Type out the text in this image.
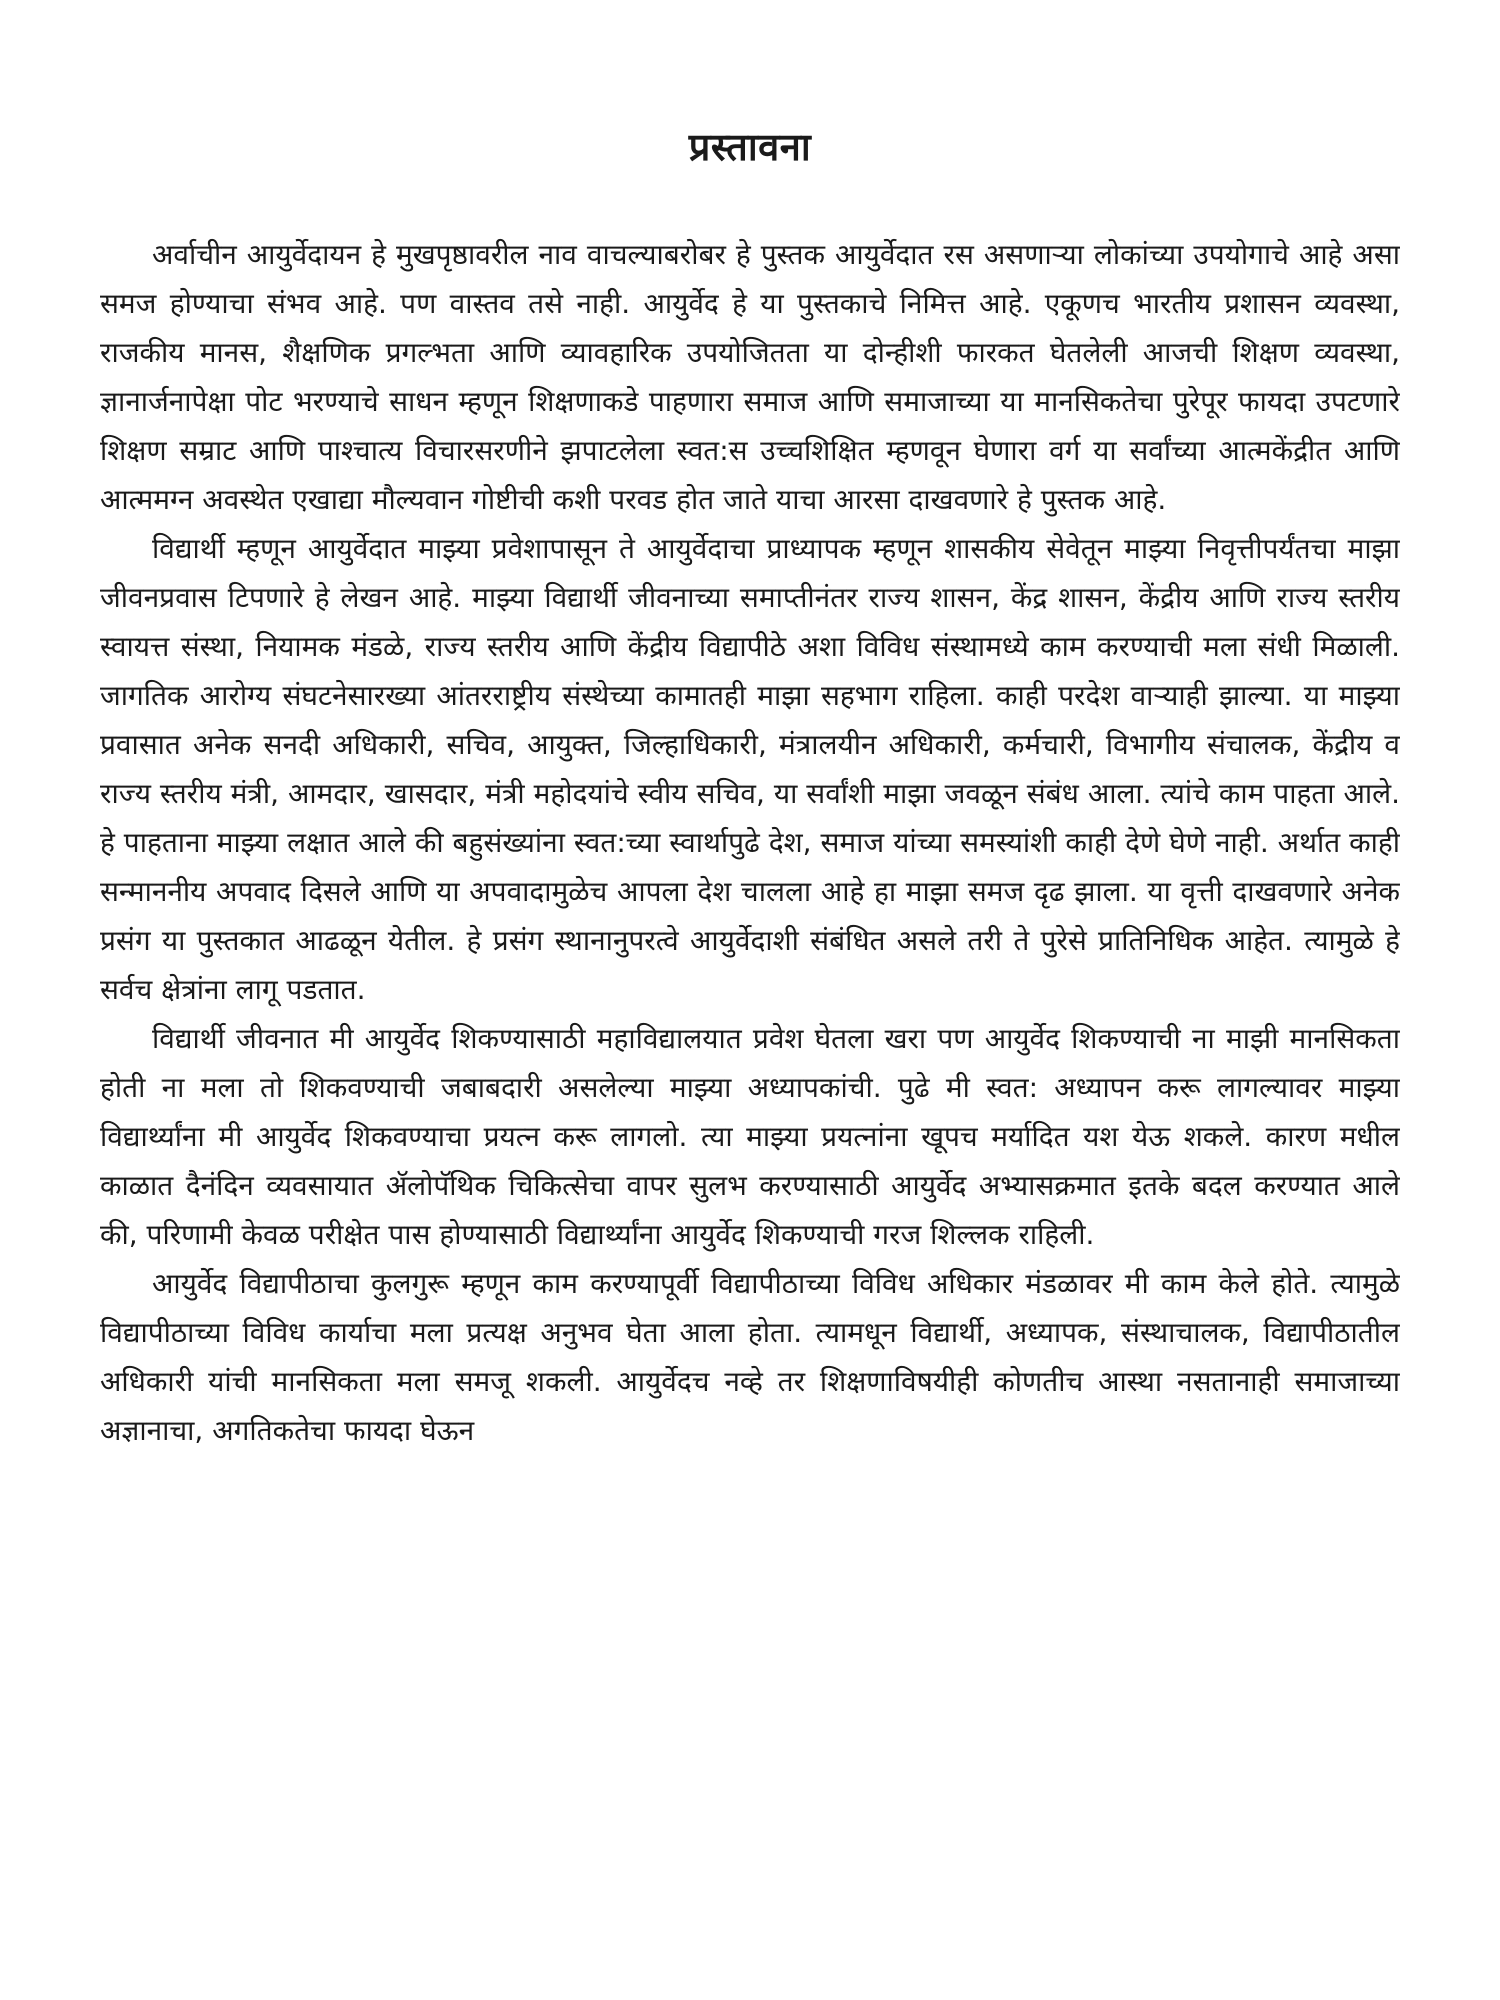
प्रस्तावना

अर्वाचीन आयुर्वेदायन हे मुखपृष्ठावरील नाव वाचल्याबरोबर हे पुस्तक आयुर्वेदात रस असणाऱ्या लोकांच्या उपयोगाचे आहे असा समज होण्याचा संभव आहे. पण वास्तव तसे नाही. आयुर्वेद हे या पुस्तकाचे निमित्त आहे. एकूणच भारतीय प्रशासन व्यवस्था, राजकीय मानस, शैक्षणिक प्रगल्भता आणि व्यावहारिक उपयोजितता या दोन्हीशी फारकत घेतलेली आजची शिक्षण व्यवस्था, ज्ञानार्जनापेक्षा पोट भरण्याचे साधन म्हणून शिक्षणाकडे पाहणारा समाज आणि समाजाच्या या मानसिकतेचा पुरेपूर फायदा उपटणारे शिक्षण सम्राट आणि पाश्चात्य विचारसरणीने झपाटलेला स्वत:स उच्चशिक्षित म्हणवून घेणारा वर्ग या सर्वांच्या आत्मकेंद्रीत आणि आत्ममग्न अवस्थेत एखाद्या मौल्यवान गोष्टीची कशी परवड होत जाते याचा आरसा दाखवणारे हे पुस्तक आहे.

विद्यार्थी म्हणून आयुर्वेदात माझ्या प्रवेशापासून ते आयुर्वेदाचा प्राध्यापक म्हणून शासकीय सेवेतून माझ्या निवृत्तीपर्यंतचा माझा जीवनप्रवास टिपणारे हे लेखन आहे. माझ्या विद्यार्थी जीवनाच्या समाप्तीनंतर राज्य शासन, केंद्र शासन, केंद्रीय आणि राज्य स्तरीय स्वायत्त संस्था, नियामक मंडळे, राज्य स्तरीय आणि केंद्रीय विद्यापीठे अशा विविध संस्थामध्ये काम करण्याची मला संधी मिळाली. जागतिक आरोग्य संघटनेसारख्या आंतरराष्ट्रीय संस्थेच्या कामातही माझा सहभाग राहिला. काही परदेश वाऱ्याही झाल्या. या माझ्या प्रवासात अनेक सनदी अधिकारी, सचिव, आयुक्त, जिल्हाधिकारी, मंत्रालयीन अधिकारी, कर्मचारी, विभागीय संचालक, केंद्रीय व राज्य स्तरीय मंत्री, आमदार, खासदार, मंत्री महोदयांचे स्वीय सचिव, या सर्वांशी माझा जवळून संबंध आला. त्यांचे काम पाहता आले. हे पाहताना माझ्या लक्षात आले की बहुसंख्यांना स्वत:च्या स्वार्थापुढे देश, समाज यांच्या समस्यांशी काही देणे घेणे नाही. अर्थात काही सन्माननीय अपवाद दिसले आणि या अपवादामुळेच आपला देश चालला आहे हा माझा समज दृढ झाला. या वृत्ती दाखवणारे अनेक प्रसंग या पुस्तकात आढळून येतील. हे प्रसंग स्थानानुपरत्वे आयुर्वेदाशी संबंधित असले तरी ते पुरेसे प्रातिनिधिक आहेत. त्यामुळे हे सर्वच क्षेत्रांना लागू पडतात.

विद्यार्थी जीवनात मी आयुर्वेद शिकण्यासाठी महाविद्यालयात प्रवेश घेतला खरा पण आयुर्वेद शिकण्याची ना माझी मानसिकता होती ना मला तो शिकवण्याची जबाबदारी असलेल्या माझ्या अध्यापकांची. पुढे मी स्वत: अध्यापन करू लागल्यावर माझ्या विद्यार्थ्यांना मी आयुर्वेद शिकवण्याचा प्रयत्न करू लागलो. त्या माझ्या प्रयत्नांना खूपच मर्यादित यश येऊ शकले. कारण मधील काळात दैनंदिन व्यवसायात ॲलोपॅथिक चिकित्सेचा वापर सुलभ करण्यासाठी आयुर्वेद अभ्यासक्रमात इतके बदल करण्यात आले की, परिणामी केवळ परीक्षेत पास होण्यासाठी विद्यार्थ्यांना आयुर्वेद शिकण्याची गरज शिल्लक राहिली.

आयुर्वेद विद्यापीठाचा कुलगुरू म्हणून काम करण्यापूर्वी विद्यापीठाच्या विविध अधिकार मंडळावर मी काम केले होते. त्यामुळे विद्यापीठाच्या विविध कार्याचा मला प्रत्यक्ष अनुभव घेता आला होता. त्यामधून विद्यार्थी, अध्यापक, संस्थाचालक, विद्यापीठातील अधिकारी यांची मानसिकता मला समजू शकली. आयुर्वेदच नव्हे तर शिक्षणाविषयीही कोणतीच आस्था नसतानाही समाजाच्या अज्ञानाचा, अगतिकतेचा फायदा घेऊन
